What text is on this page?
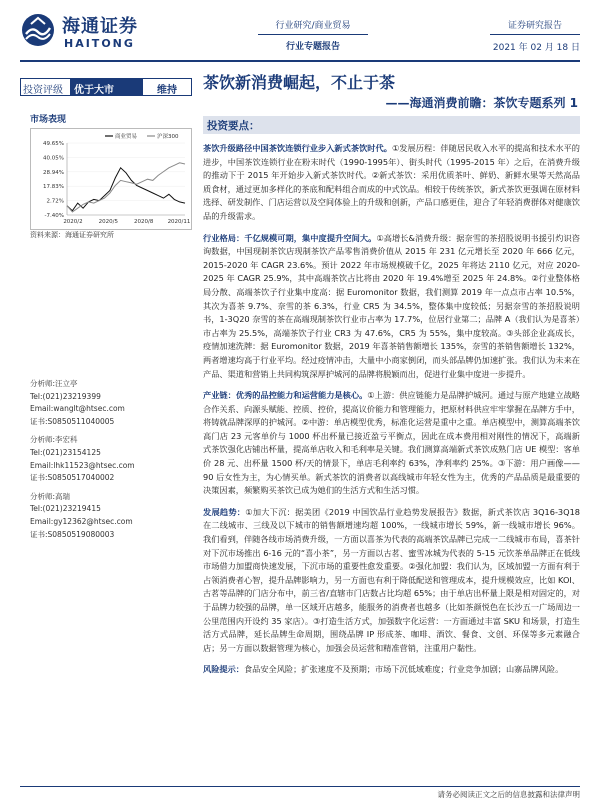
海通证券
HAITONG
行业研究/商业贸易
行业专题报告
证券研究报告
2021 年 02 月 18 日
投资评级	优于大市	维持	茶饮新消费崛起，不止于茶
——海通消费前瞻：茶饮专题系列 1
市场表现
-7.40%
2.72%
17.83%
28.94%
40.05%
49.65%
2020/2	2020/5	2020/8	2020/11
商业贸易	沪深300
资料来源：海通证券研究所
分析师:汪立亭
Tel:(021)23219399
Email:wanglt@htsec.com
证书:S0850511040005
分析师:李宏科
Tel:(021)23154125
Email:lhk11523@htsec.com
证书:S0850517040002
分析师:高瑞
Tel:(021)23219415
Email:gy12362@htsec.com
证书:S0850519080003
投资要点：
茶饮升级路径中国茶饮连锁行业步入新式茶饮时代。①发展历程：伴随居民收入水平的提高和技术水平的进步，中国茶饮连锁行业在粉末时代（1990-1995年）、街头时代（1995-2015 年）之后，在消费升级的推动下于 2015 年开始步入新式茶饮时代。②新式茶饮：采用优质茶叶、鲜奶、新鲜水果等天然高品质食材，通过更加多样化的茶底和配料组合而成的中式饮品。相较于传统茶饮，新式茶饮更强调在原材料选择、研发制作、门店运营以及空间体验上的升级和创新，产品口感更佳，迎合了年轻消费群体对健康饮品的升级需求。
行业格局：千亿规模可期，集中度提升空间大。①高增长&消费升级：据奈雪的茶招股说明书援引灼识咨询数据，中国现制茶饮店现制茶饮产品零售消费价值从 2015 年 231 亿元增长至 2020 年 666 亿元，2015-2020 年 CAGR 23.6%。预计 2022 年市场规模破千亿，2025 年将达 2110 亿元，对应 2020-2025 年 CAGR 25.9%，其中高端茶饮占比将由 2020 年 19.4%增至 2025 年 24.8%。②行业整体格局分散、高端茶饮子行业集中度高：据 Euromonitor 数据，我们测算 2019 年一点点市占率 10.5%，其次为喜茶 9.7%、奈雪的茶 6.3%，行业 CR5 为 34.5%，整体集中度较低；另据奈雪的茶招股说明书，1-3Q20 奈雪的茶在高端现制茶饮行业市占率为 17.7%，位居行业第二；品牌 A（我们认为是喜茶）市占率为 25.5%，高端茶饮子行业 CR3 为 47.6%，CR5 为 55%，集中度较高。③头部企业高成长，疫情加速洗牌：据 Euromonitor 数据，2019 年喜茶销售额增长 135%，奈雪的茶销售额增长 132%，两者增速均高于行业平均。经过疫情冲击，大量中小商家倒闭，而头部品牌仍加速扩张。我们认为未来在产品、渠道和营销上共同构筑深厚护城河的品牌将脱颖而出，促进行业集中度进一步提升。
产业链：优秀的品控能力和运营能力是核心。①上游：供应链能力是品牌护城河。通过与原产地建立战略合作关系、向源头赋能、控质、控价，提高议价能力和管理能力，把原材料供应牢牢掌握在品牌方手中，将铸就品牌深厚的护城河。②中游：单店模型优秀，标准化运营是重中之重。单店模型中，测算高端茶饮高门店 23 元客单价与 1000 杯出杯量已接近盈亏平衡点，因此在成本费用相对刚性的情况下，高端新式茶饮强化店铺出杯量，提高单店收入和毛利率是关键。我们测算高端新式茶饮成熟门店 UE 模型：客单价 28 元、出杯量 1500 杯/天的情景下，单店毛利率约 63%，净利率约 25%。③下游：用户画像——90 后女性为主，为心情买单。新式茶饮的消费者以高线城市年轻女性为主，优秀的产品品质是最重要的决策因素，频繁购买茶饮已成为她们的生活方式和生活习惯。
发展趋势：①加大下沉：据美团《2019 中国饮品行业趋势发展报告》数据，新式茶饮店 3Q16-3Q18 在二线城市、三线及以下城市的销售额增速均超 100%，一线城市增长 59%，新一线城市增长 96%。我们看到，伴随各线市场消费升级，一方面以喜茶为代表的高端茶饮品牌已完成一二线城市布局，喜茶针对下沉市场推出 6-16 元的“喜小茶”，另一方面以古茗、蜜雪冰城为代表的 5-15 元饮茶单品牌正在低线市场借力加盟商快速发展，下沉市场的重要性愈发重要。②强化加盟：我们认为，区域加盟一方面有利于占领消费者心智，提升品牌影响力，另一方面也有利于降低配送和管理成本，提升规模效应，比如 KOI、古茗等品牌的门店分布中，前三省/直辖市门店数占比均超 65%；由于单店出杯量上限是相对固定的，对于品牌力较强的品牌，单一区域开店越多，能服务的消费者也越多（比如茶颜悦色在长沙五一广场周边一公里范围内开设约 35 家店）。③打造生活方式，加强数字化运营：一方面通过丰富 SKU 和场景，打造生活方式品牌，延长品牌生命周期，围绕品牌 IP 形成茶、咖啡、酒饮、餐食、文创、环保等多元素融合店；另一方面以数据管理为核心，加强会员运营和精准营销，注重用户黏性。
风险提示：食品安全风险；扩张速度不及预期；市场下沉低域难度；行业竞争加剧；山寨品牌风险。
请务必阅读正文之后的信息披露和法律声明
